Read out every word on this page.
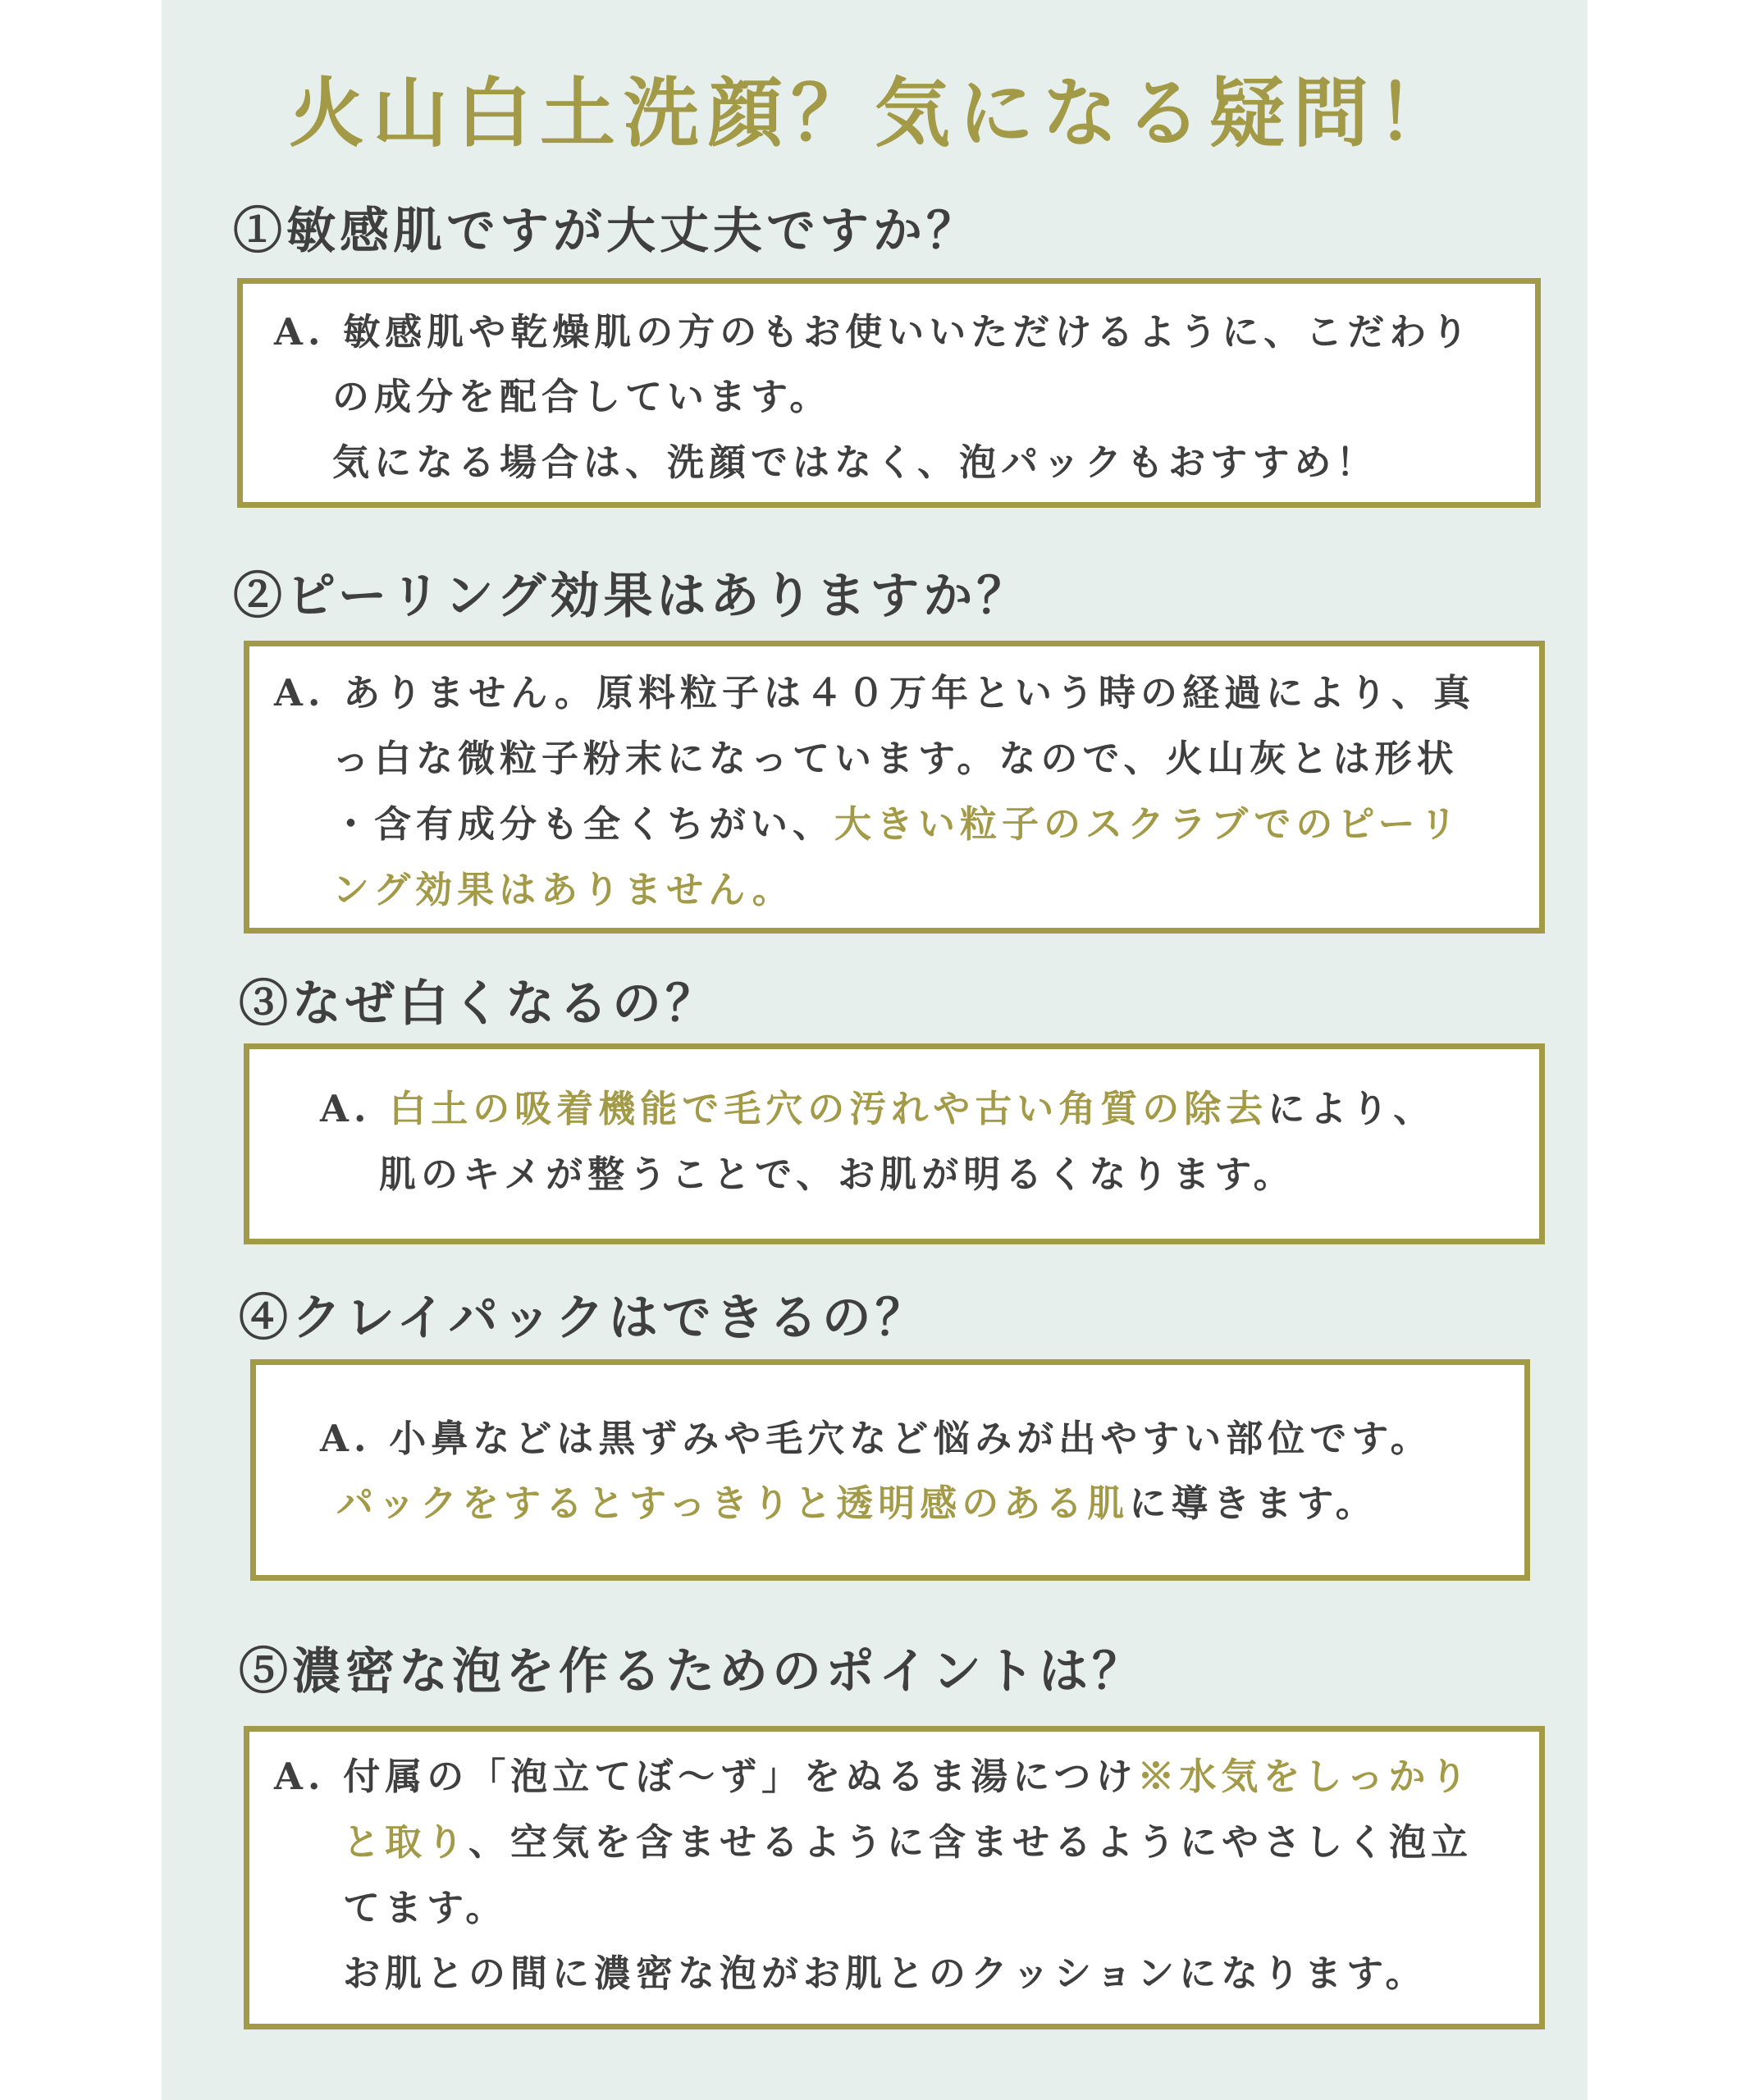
火山白土洗顔？気になる疑問！
①敏感肌ですが大丈夫ですか？
A. 敏感肌や乾燥肌の方のもお使いいただけるように、こだわり
の成分を配合しています。
気になる場合は、洗顔ではなく、泡パックもおすすめ！
②ピーリング効果はありますか？
A. ありません。原料粒子は４０万年という時の経過により、真
っ白な微粒子粉末になっています。なので、火山灰とは形状
・含有成分も全くちがい、大きい粒子のスクラブでのピーリ
ング効果はありません。
③なぜ白くなるの？
A. 白土の吸着機能で毛穴の汚れや古い角質の除去により、
肌のキメが整うことで、お肌が明るくなります。
④クレイパックはできるの？
A. 小鼻などは黒ずみや毛穴など悩みが出やすい部位です。
パックをするとすっきりと透明感のある肌に導きます。
⑤濃密な泡を作るためのポイントは？
A. 付属の「泡立てぼ〜ず」をぬるま湯につけ※水気をしっかり
と取り、空気を含ませるように含ませるようにやさしく泡立
てます。
お肌との間に濃密な泡がお肌とのクッションになります。
